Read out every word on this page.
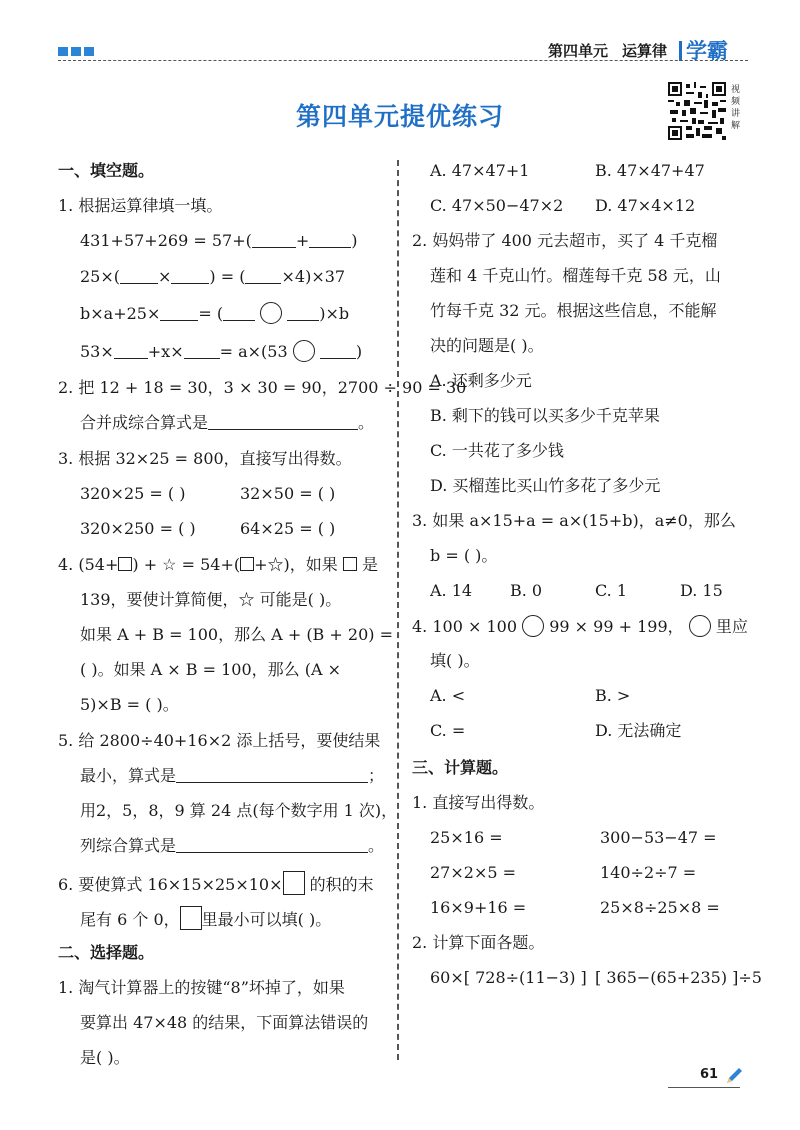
第四单元 运算律 学霸
第四单元提优练习
视频讲解
一、填空题。
1. 根据运算律填一填。
431+57+269 = 57+(	+	)
25×( × ) = ( ×4)×37
b×a+25× = (	)×b
53× +x× = a×(53	)
2. 把 12 + 18 = 30，3 × 30 = 90，2700 ÷ 90 = 30
合并成综合算式是	。
3. 根据 32×25 = 800，直接写出得数。
320×25 = ( )	32×50 = ( )
320×250 = ( )	64×25 = ( )
4. (54+ ) + ☆ = 54+( +☆)，如果 是
139，要使计算简便，☆ 可能是( )。
如果 A + B = 100，那么 A + (B + 20) =
( )。如果 A × B = 100，那么 (A ×
5)×B = ( )。
5. 给 2800÷40+16×2 添上括号，要使结果
最小，算式是	；
用2，5，8，9 算 24 点(每个数字用 1 次)，
列综合算式是	。
6. 要使算式 16×15×25×10× 的积的末
尾有 6 个 0， 里最小可以填( )。
二、选择题。
1. 淘气计算器上的按键“8”坏掉了，如果
要算出 47×48 的结果，下面算法错误的
是( )。
A. 47×47+1	B. 47×47+47
C. 47×50−47×2 D. 47×4×12
2. 妈妈带了 400 元去超市，买了 4 千克榴
莲和 4 千克山竹。榴莲每千克 58 元，山
竹每千克 32 元。根据这些信息，不能解
决的问题是( )。
A. 还剩多少元
B. 剩下的钱可以买多少千克苹果
C. 一共花了多少钱
D. 买榴莲比买山竹多花了多少元
3. 如果 a×15+a = a×(15+b)，a≠0，那么
b = ( )。
A. 14 B. 0	C. 1	D. 15
4. 100 × 100 99 × 99 + 199， 里应
填( )。
A. <	B. >
C. =	D. 无法确定
三、计算题。
1. 直接写出得数。
25×16 =	300−53−47 =
27×2×5 =	140÷2÷7 =
16×9+16 =	25×8÷25×8 =
2. 计算下面各题。
60×[ 728÷(11−3) ] [ 365−(65+235) ]÷5
61
